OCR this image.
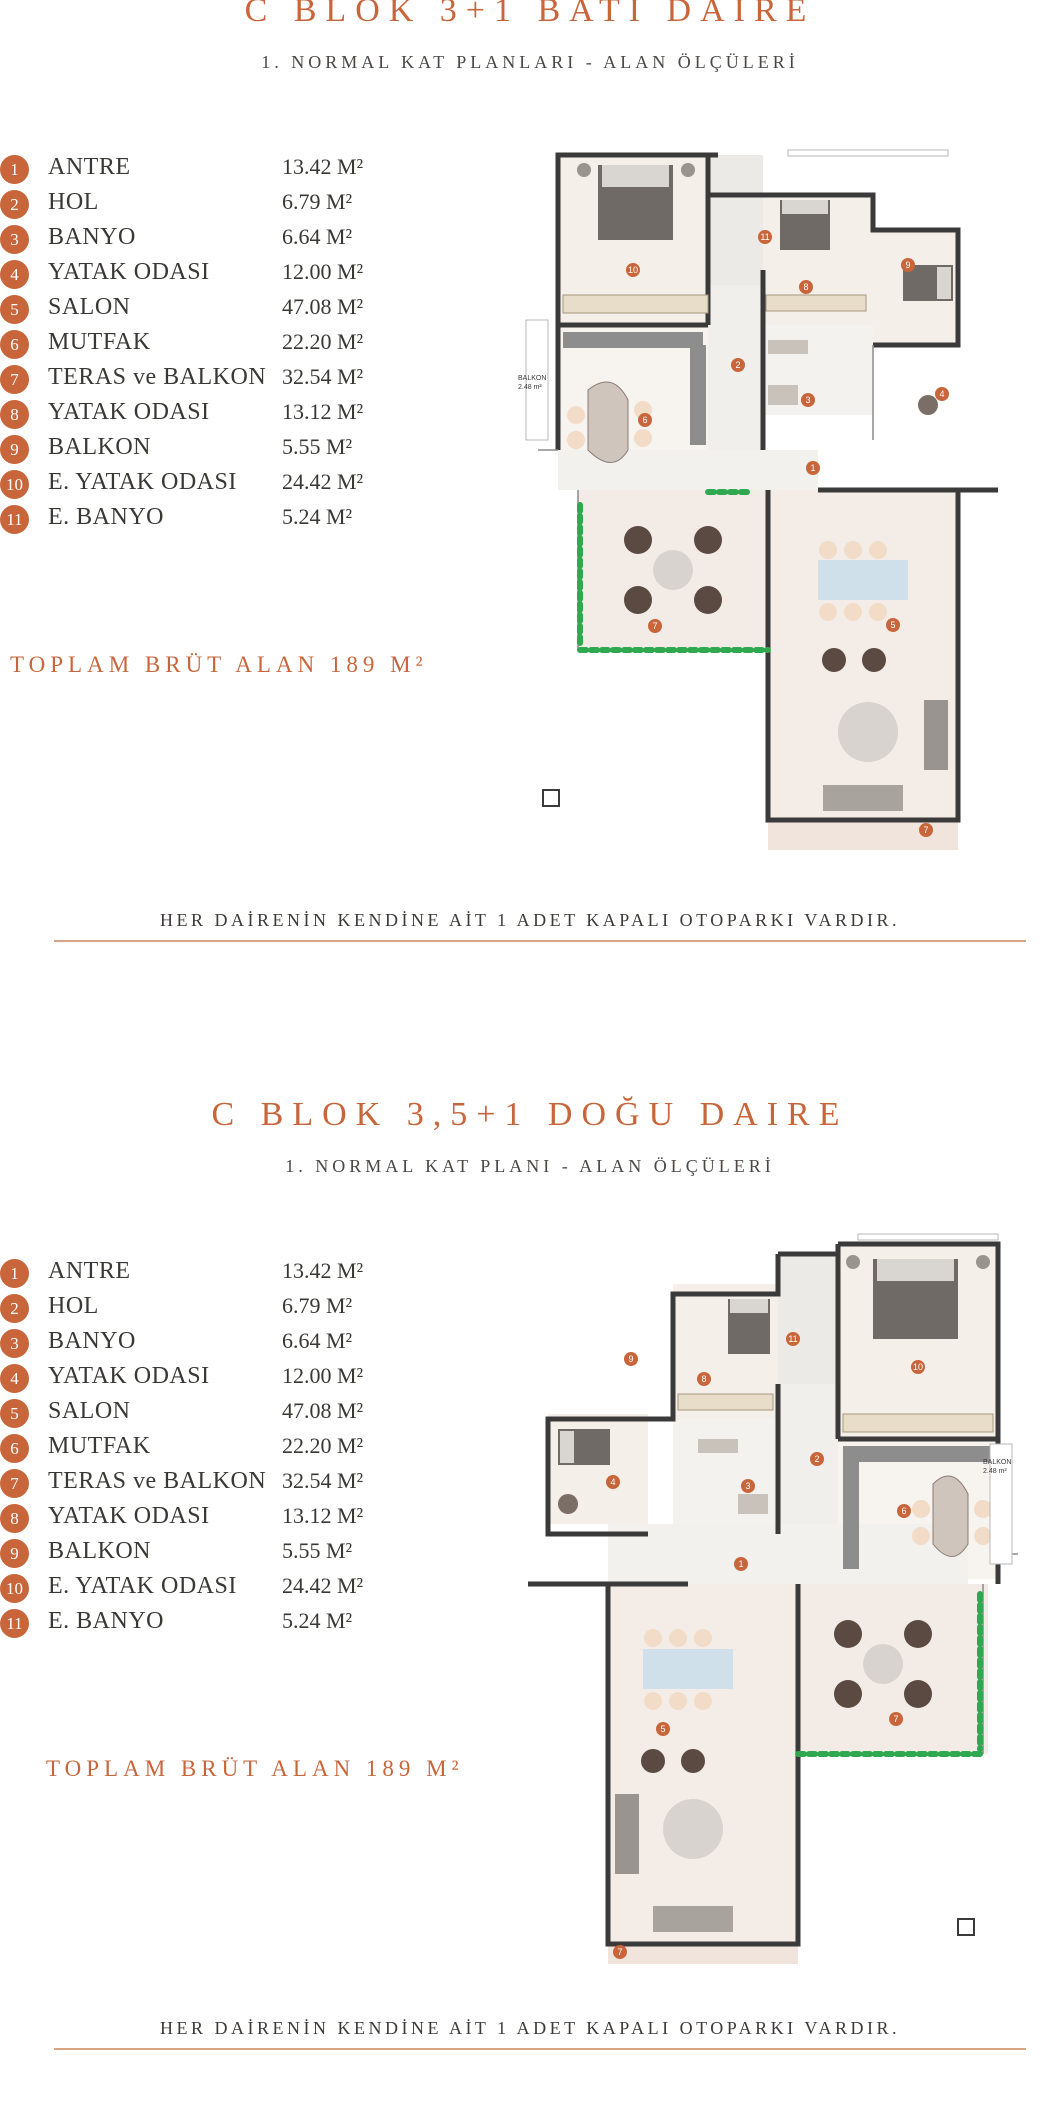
C BLOK 3+1 BATI DAIRE
1. NORMAL KAT PLANLARI - ALAN ÖLÇÜLERİ
1	ANTRE	13.42 M²
2	HOL	6.79 M²
3	BANYO	6.64 M²
4	YATAK ODASI	12.00 M²
5	SALON	47.08 M²
6	MUTFAK	22.20 M²
7	TERAS ve BALKON 32.54 M²
8	YATAK ODASI	13.12 M²
9	BALKON	5.55 M²
10 E. YATAK ODASI 24.42 M²
11 E. BANYO	5.24 M²
TOPLAM BRÜT ALAN 189 M²
BALKON
2.48 m²
10
8
9
11
2
3
4
6
1
7	5
7
HER DAİRENİN KENDİNE AİT 1 ADET KAPALI OTOPARKI VARDIR.
C BLOK 3,5+1 DOĞU DAIRE
1. NORMAL KAT PLANI - ALAN ÖLÇÜLERİ
1	ANTRE	13.42 M²
2	HOL	6.79 M²
3	BANYO	6.64 M²
4	YATAK ODASI	12.00 M²
5	SALON	47.08 M²
6	MUTFAK	22.20 M²
7	TERAS ve BALKON 32.54 M²
8	YATAK ODASI	13.12 M²
9	BALKON	5.55 M²
10 E. YATAK ODASI 24.42 M²
11 E. BANYO	5.24 M²
TOPLAM BRÜT ALAN 189 M²
BALKON
2.48 m²
10
8
9
11
2
3
4
6
1
7
5
7
HER DAİRENİN KENDİNE AİT 1 ADET KAPALI OTOPARKI VARDIR.
